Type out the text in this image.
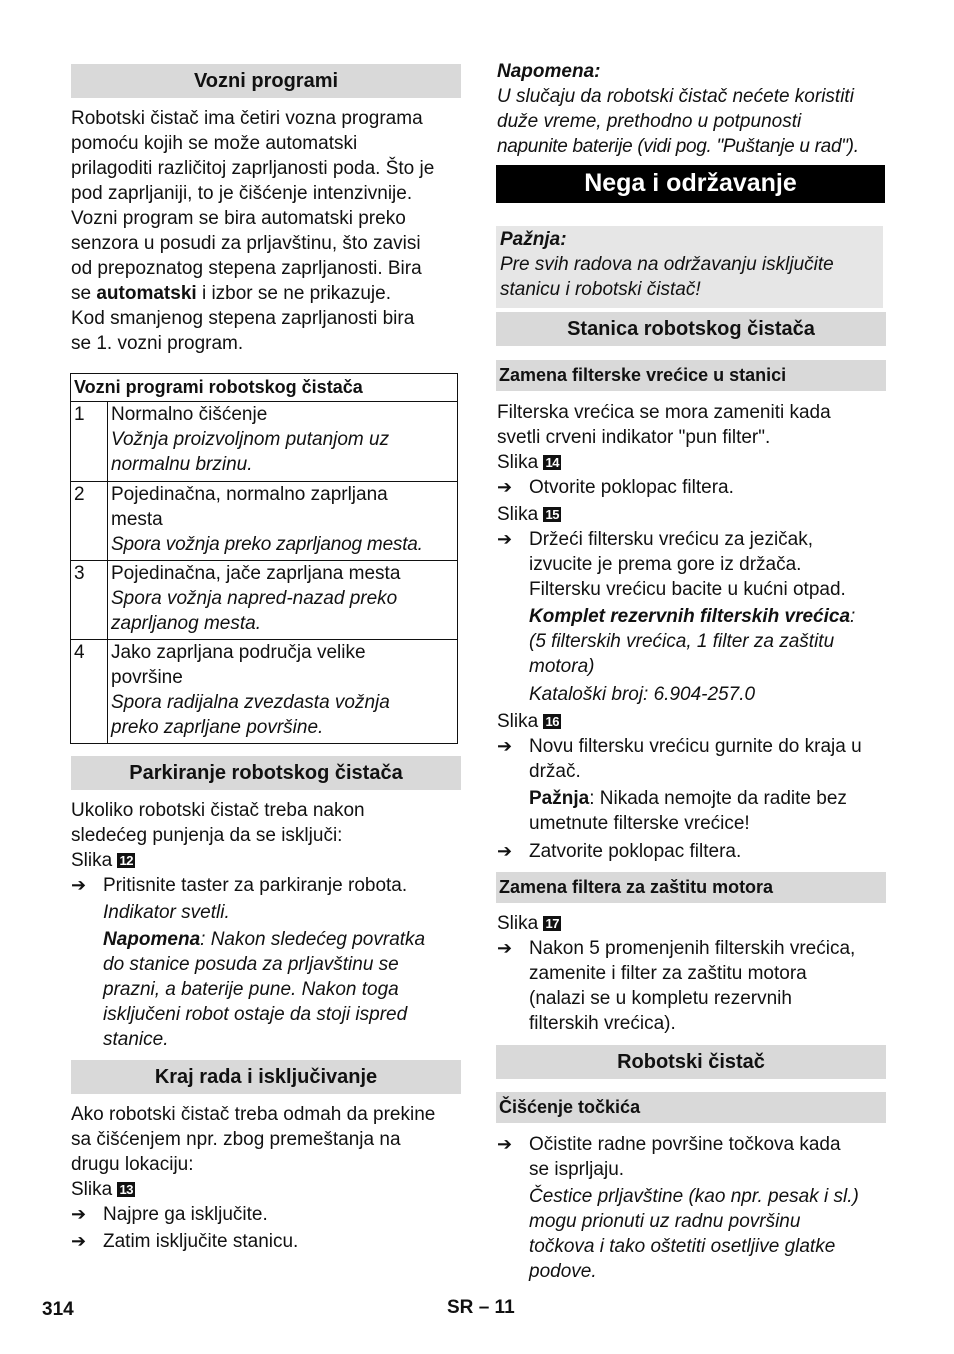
Vozni programi
Robotski čistač ima četiri vozna programa
pomoću kojih se može automatski
prilagoditi različitoj zaprljanosti poda. Što je
pod zaprljaniji, to je čišćenje intenzivnije.
Vozni program se bira automatski preko
senzora u posudi za prljavštinu, što zavisi
od prepoznatog stepena zaprljanosti. Bira
se automatski i izbor se ne prikazuje.
Kod smanjenog stepena zaprljanosti bira
se 1. vozni program.
Vozni programi robotskog čistača	
1	Normalno čišćenje
Vožnja proizvoljnom putanjom uz
normalnu brzinu.

2	Pojedinačna, normalno zaprljana
mesta
Spora vožnja preko zaprljanog mesta.

3	Pojedinačna, jače zaprljana mesta
Spora vožnja napred-nazad preko
zaprljanog mesta.

4	Jako zaprljana područja velike
površine
Spora radijalna zvezdasta vožnja
preko zaprljane površine.
Parkiranje robotskog čistača
Ukoliko robotski čistač treba nakon
sledećeg punjenja da se isključi:
Slika 12
➔ Pritisnite taster za parkiranje robota.
Indikator svetli.
Napomena: Nakon sledećeg povratka
do stanice posuda za prljavštinu se
prazni, a baterije pune. Nakon toga
isključeni robot ostaje da stoji ispred
stanice.
Kraj rada i isključivanje
Ako robotski čistač treba odmah da prekine
sa čišćenjem npr. zbog premeštanja na
drugu lokaciju:
Slika 13
➔ Najpre ga isključite.
➔ Zatim isključite stanicu.
Napomena:
U slučaju da robotski čistač nećete koristiti
duže vreme, prethodno u potpunosti
napunite baterije (vidi pog. "Puštanje u rad").
Nega i održavanje
Pažnja:
Pre svih radova na održavanju isključite
stanicu i robotski čistač!
Stanica robotskog čistača
Zamena filterske vrećice u stanici
Filterska vrećica se mora zameniti kada
svetli crveni indikator "pun filter".
Slika 14
➔ Otvorite poklopac filtera.
Slika 15
➔ Držeći filtersku vrećicu za jezičak,
izvucite je prema gore iz držača.
Filtersku vrećicu bacite u kućni otpad.
Komplet rezervnih filterskih vrećica:
(5 filterskih vrećica, 1 filter za zaštitu
motora)
Kataloški broj: 6.904-257.0
Slika 16
➔ Novu filtersku vrećicu gurnite do kraja u
držač.
Pažnja: Nikada nemojte da radite bez
umetnute filterske vrećice!
➔ Zatvorite poklopac filtera.
Zamena filtera za zaštitu motora
Slika 17
➔ Nakon 5 promenjenih filterskih vrećica,
zamenite i filter za zaštitu motora
(nalazi se u kompletu rezervnih
filterskih vrećica).
Robotski čistač
Čišćenje točkića
➔ Očistite radne površine točkova kada
se isprljaju.
Čestice prljavštine (kao npr. pesak i sl.)
mogu prionuti uz radnu površinu
točkova i tako oštetiti osetljive glatke
podove.
314	SR – 11
